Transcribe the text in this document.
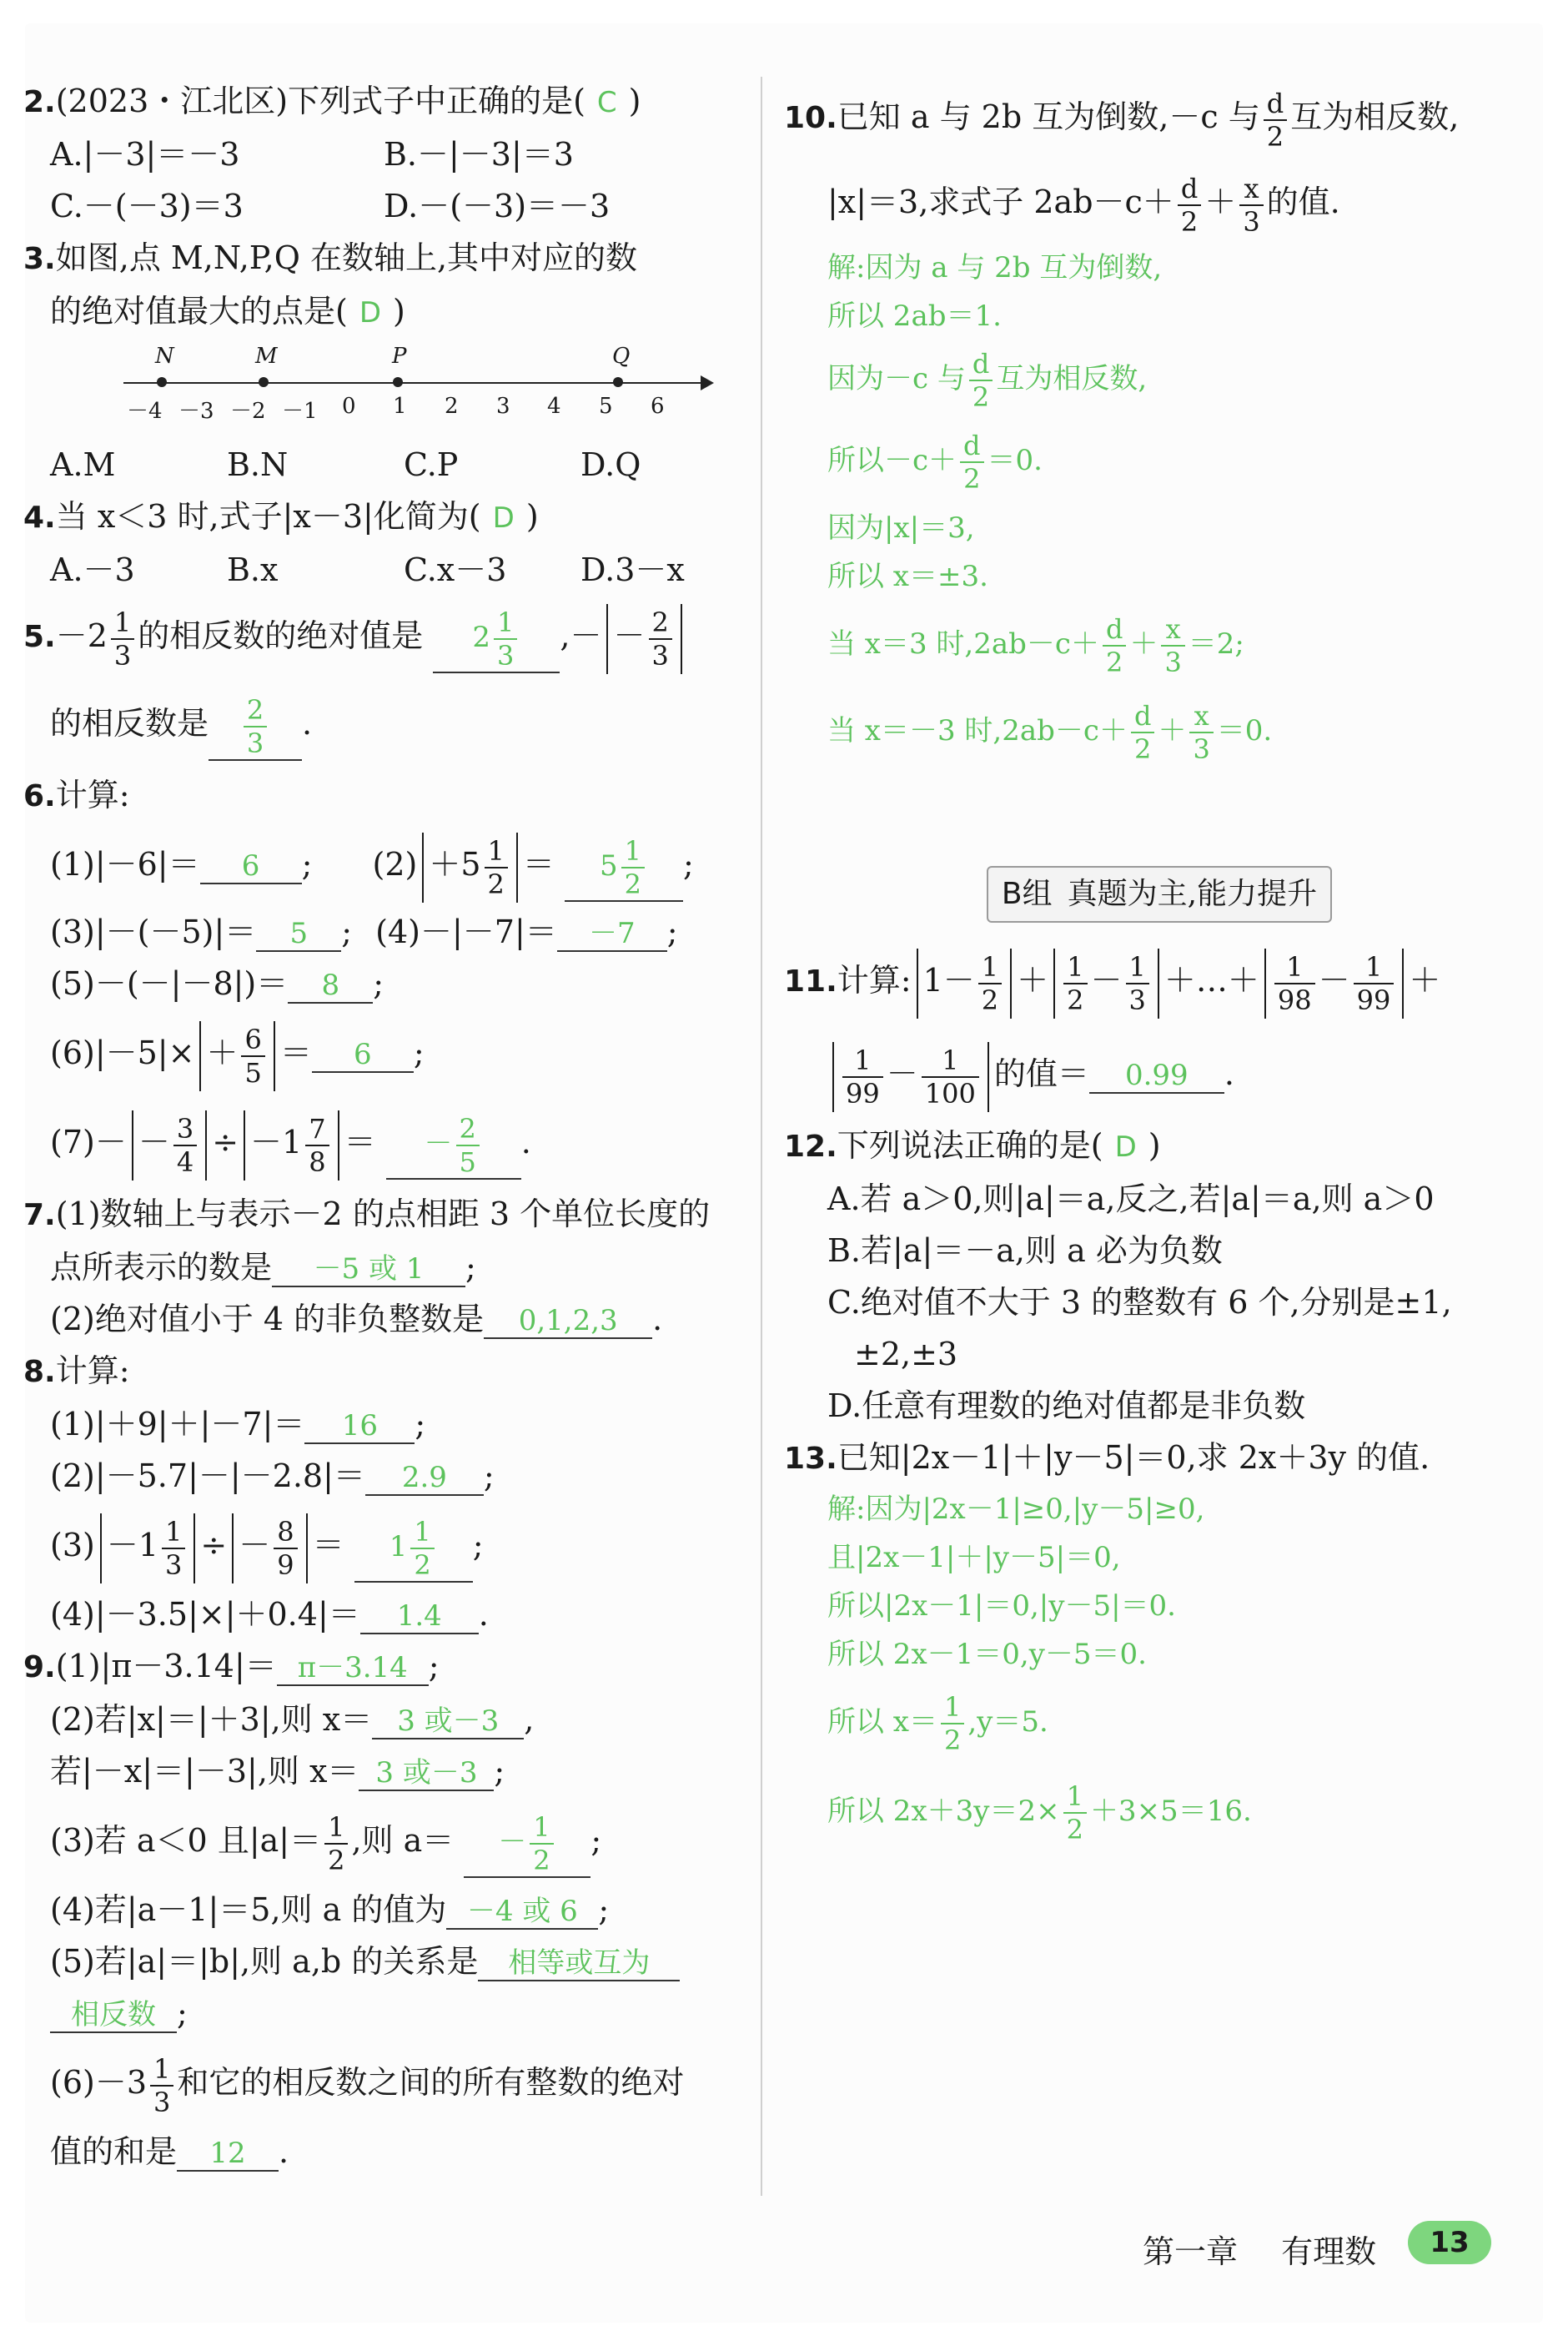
2.(2023・江北区)下列式子中正确的是( C )
A.|－3|＝－3	B.－|－3|＝3
C.－(－3)＝3	D.－(－3)＝－3
3.如图,点 M,N,P,Q 在数轴上,其中对应的数
的绝对值最大的点是( D )
N	M	P	Q
－4 －3 －2 －1 0 1 2 3 4 5 6
A.M	B.N	C.P	D.Q
4.当 x＜3 时,式子|x－3|化简为( D )
A.－3	B.x	C.x－3	D.3－x
$5.-2 \frac{1}{3}$ 的相反数的绝对值是 $2 \frac{1}{3}$ ,－ － $\frac{2}{3}$
的相反数是 $\frac{2}{3}$ .
6.计算:
(1)|－6|＝ 6 ; $(2) +5 \frac{1}{2} = 5 \frac{1}{2}$ ;
(3)|－(－5)|＝ 5 ; (4)－|－7|＝ －7 ;
(5)－(－|－8|)＝ 8 ;
$(6)|-5|\times + \frac{6}{5} = 6$ ;
$(7)- - \frac{3}{4} \div -1 \frac{7}{8}$ ＝ － $\frac{2}{5}$ .
7.(1)数轴上与表示－2 的点相距 3 个单位长度的
点所表示的数是 －5 或 1 ;
(2)绝对值小于 4 的非负整数是 0,1,2,3 .
8.计算:
(1)|＋9|＋|－7|＝ 16 ;
(2)|－5.7|－|－2.8|＝ 2.9 ;
$(3) -1 \frac{1}{3}$ ÷ － $\frac{8}{9} = 1 \frac{1}{2}$ ;
(4)|－3.5|×|＋0.4|＝ 1.4 .
9.(1)|π－3.14|＝ π－3.14 ;
(2)若|x|＝|＋3|,则 x＝ 3 或－3 ,
若|－x|＝|－3|,则 x＝ 3 或－3 ;
(3)若 a＜0 且$|a|= \frac{1}{2}$ ,则 $a= - \frac{1}{2}$ ;
(4)若|a－1|＝5,则 a 的值为 －4 或 6 ;
(5)若|a|＝|b|,则 a,b 的关系是 相等或互为
相反数 ;
$(6)-3 \frac{1}{3}$ 和它的相反数之间的所有整数的绝对
值的和是 12 .
10.已知 a 与 2b 互为倒数,－c 与 $\frac{d}{2}$ 互为相反数,
|x|＝3,求式子 $2ab-c+ \frac{d}{2} + \frac{x}{3}$ 的值.
解:因为 a 与 2b 互为倒数,
所以 2ab＝1.
因为－c 与 $\frac{d}{2}$ 互为相反数,
所以$-c+ \frac{d}{2} =0$.
因为|x|＝3,
所以 x＝±3.
当 x＝3 时$,2ab-c+ \frac{d}{2} + \frac{x}{3} =2$;
当 x＝－3 时$,2ab-c+ \frac{d}{2} + \frac{x}{3} =0$.
B组 真题为主,能力提升
11.计算: $1- \frac{1}{2} + \frac{1}{2} - \frac{1}{3}$ ＋…＋ $\frac{1}{98} - \frac{1}{99}$ ＋
$\frac{1}{99} - \frac{1}{100}$ 的值＝ 0.99 .
12.下列说法正确的是( D )
A.若 a＞0,则|a|＝a,反之,若|a|＝a,则 a＞0
B.若|a|＝－a,则 a 必为负数
C.绝对值不大于 3 的整数有 6 个,分别是±1,
±2,±3
D.任意有理数的绝对值都是非负数
13.已知|2x－1|＋|y－5|＝0,求 2x＋3y 的值.
解:因为|2x－1|≥0,|y－5|≥0,
且|2x－1|＋|y－5|＝0,
所以|2x－1|＝0,|y－5|＝0.
所以 2x－1＝0,y－5＝0.
所以 $x= \frac{1}{2} ,y=5$.
所以 $2x+3y=2\times \frac{1}{2} +3\times 5=16$.
第一章 有理数	13
